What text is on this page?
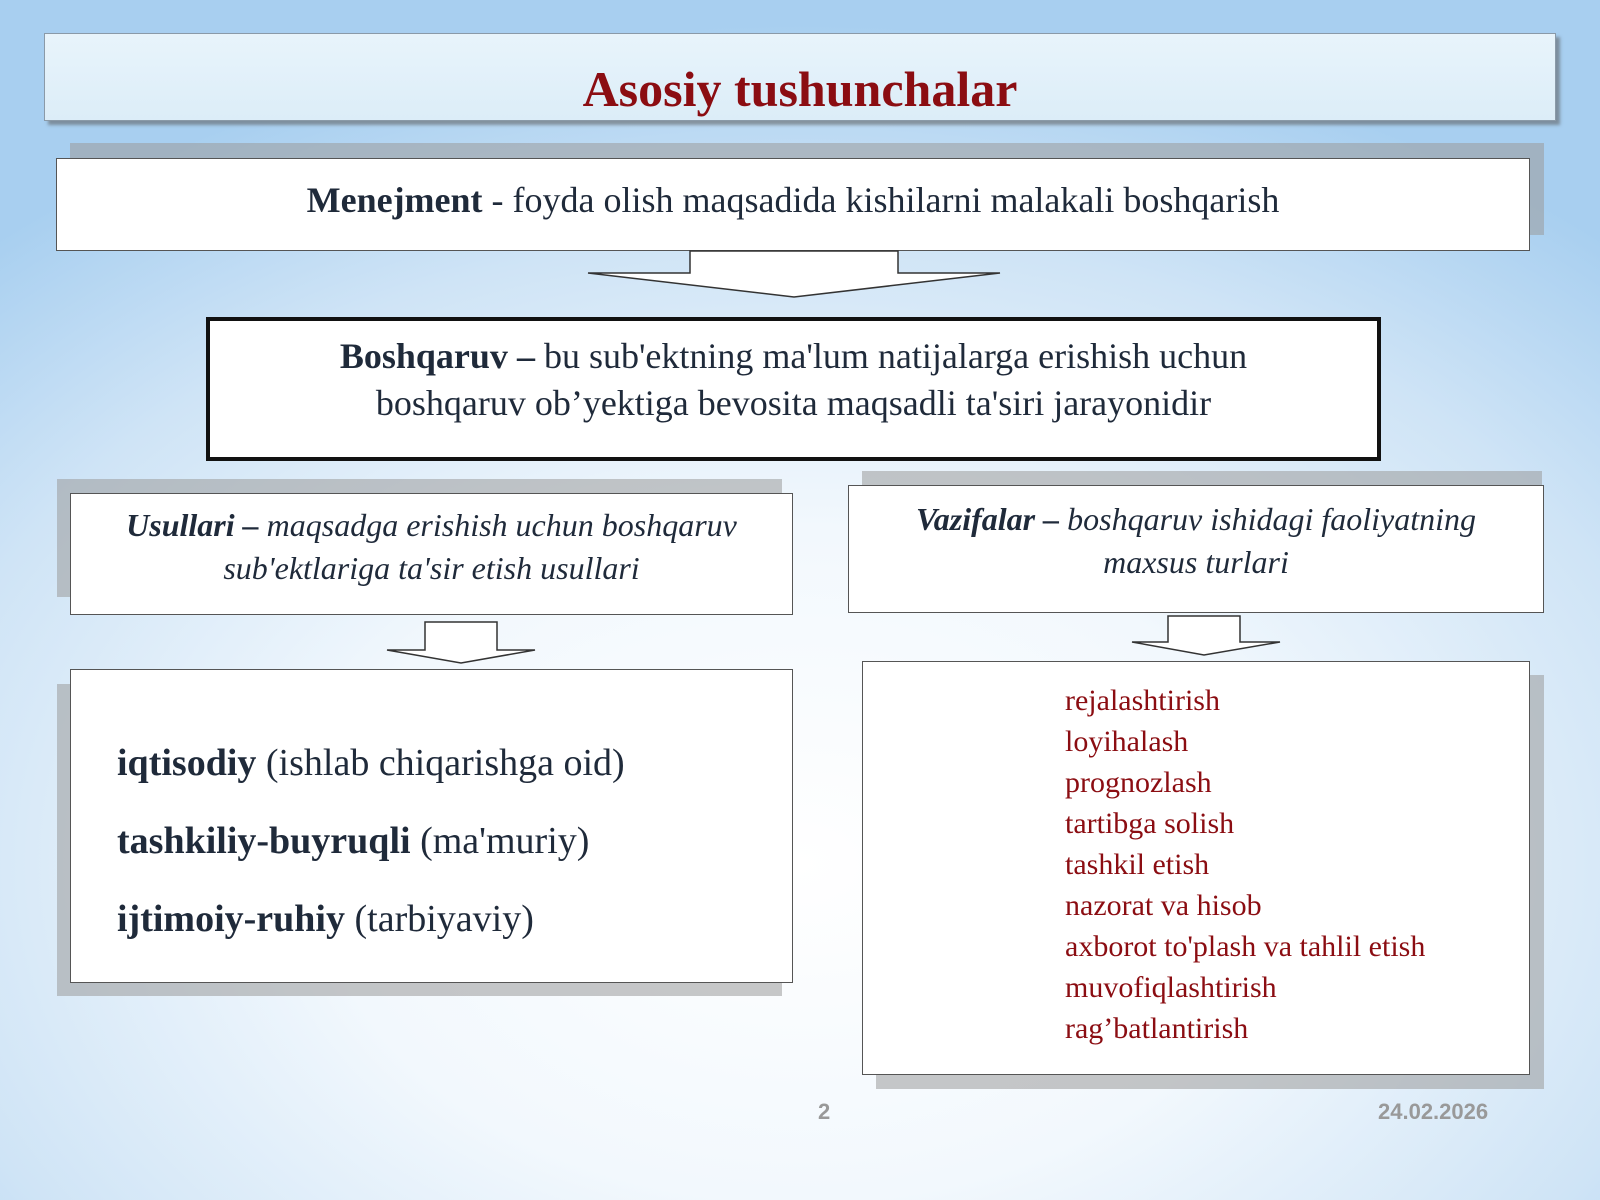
Asosiy tushunchalar
Menejment - foyda olish maqsadida kishilarni malakali boshqarish
Boshqaruv – bu sub'ektning ma'lum natijalarga erishish uchun
boshqaruv ob’yektiga bevosita maqsadli ta'siri jarayonidir
Usullari – maqsadga erishish uchun boshqaruv
sub'ektlariga ta'sir etish usullari
Vazifalar – boshqaruv ishidagi faoliyatning
maxsus turlari
iqtisodiy (ishlab chiqarishga oid)
tashkiliy-buyruqli (ma'muriy)
ijtimoiy-ruhiy (tarbiyaviy)
rejalashtirish
loyihalash
prognozlash
tartibga solish
tashkil etish
nazorat va hisob
axborot to'plash va tahlil etish
muvofiqlashtirish
rag’batlantirish
2	24.02.2026
